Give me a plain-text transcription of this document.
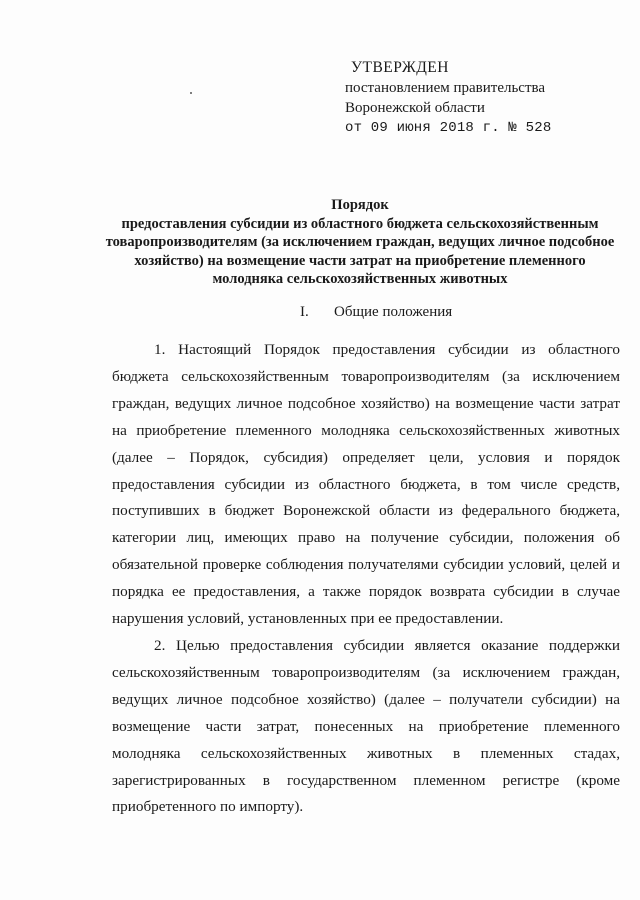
УТВЕРЖДЕН
постановлением правительства
Воронежской области
от 09 июня 2018 г. № 528
Порядок
предоставления субсидии из областного бюджета сельскохозяйственным товаропроизводителям (за исключением граждан, ведущих личное подсобное хозяйство) на возмещение части затрат на приобретение племенного молодняка сельскохозяйственных животных
I. Общие положения

1. Настоящий Порядок предоставления субсидии из областного бюджета сельскохозяйственным товаропроизводителям (за исключением граждан, ведущих личное подсобное хозяйство) на возмещение части затрат на приобретение племенного молодняка сельскохозяйственных животных (далее – Порядок, субсидия) определяет цели, условия и порядок предоставления субсидии из областного бюджета, в том числе средств, поступивших в бюджет Воронежской области из федерального бюджета, категории лиц, имеющих право на получение субсидии, положения об обязательной проверке соблюдения получателями субсидии условий, целей и порядка ее предоставления, а также порядок возврата субсидии в случае нарушения условий, установленных при ее предоставлении.

2. Целью предоставления субсидии является оказание поддержки сельскохозяйственным товаропроизводителям (за исключением граждан, ведущих личное подсобное хозяйство) (далее – получатели субсидии) на возмещение части затрат, понесенных на приобретение племенного молодняка сельскохозяйственных животных в племенных стадах, зарегистрированных в государственном племенном регистре (кроме приобретенного по импорту).
